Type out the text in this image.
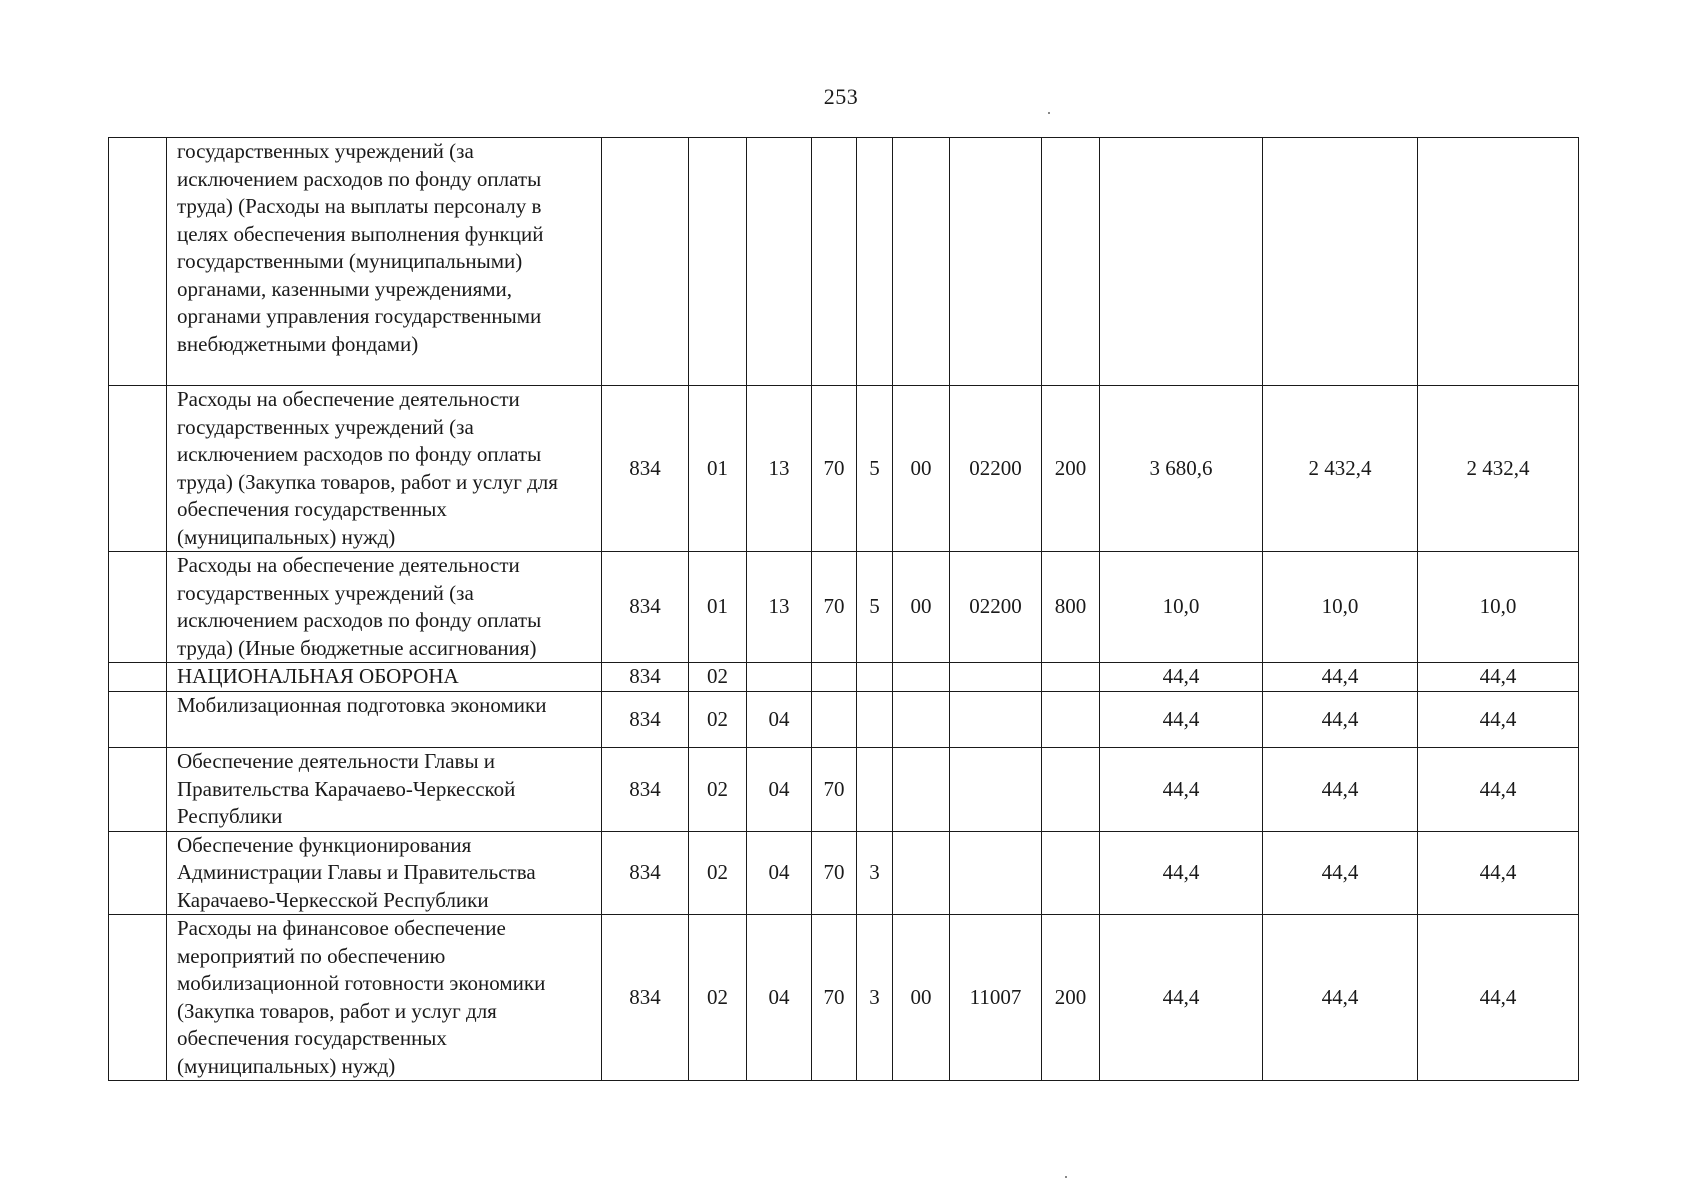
253
	государственных учреждений (за исключением расходов по фонду оплаты труда) (Расходы на выплаты персоналу в целях обеспечения выполнения функций государственными (муниципальными) органами, казенными учреждениями, органами управления государственными внебюджетными фондами)											
	Расходы на обеспечение деятельности государственных учреждений (за исключением расходов по фонду оплаты труда) (Закупка товаров, работ и услуг для обеспечения государственных (муниципальных) нужд)	834	01	13	70	5	00	02200	200	3 680,6	2 432,4	2 432,4
	Расходы на обеспечение деятельности государственных учреждений (за исключением расходов по фонду оплаты труда) (Иные бюджетные ассигнования)	834	01	13	70	5	00	02200	800	10,0	10,0	10,0
	НАЦИОНАЛЬНАЯ ОБОРОНА	834	02							44,4	44,4	44,4
	Мобилизационная подготовка экономики	834	02	04						44,4	44,4	44,4
	Обеспечение деятельности Главы и Правительства Карачаево-Черкесской Республики	834	02	04	70					44,4	44,4	44,4
	Обеспечение функционирования Администрации Главы и Правительства Карачаево-Черкесской Республики	834	02	04	70	3				44,4	44,4	44,4
	Расходы на финансовое обеспечение мероприятий по обеспечению мобилизационной готовности экономики (Закупка товаров, работ и услуг для обеспечения государственных (муниципальных) нужд)	834	02	04	70	3	00	11007	200	44,4	44,4	44,4
